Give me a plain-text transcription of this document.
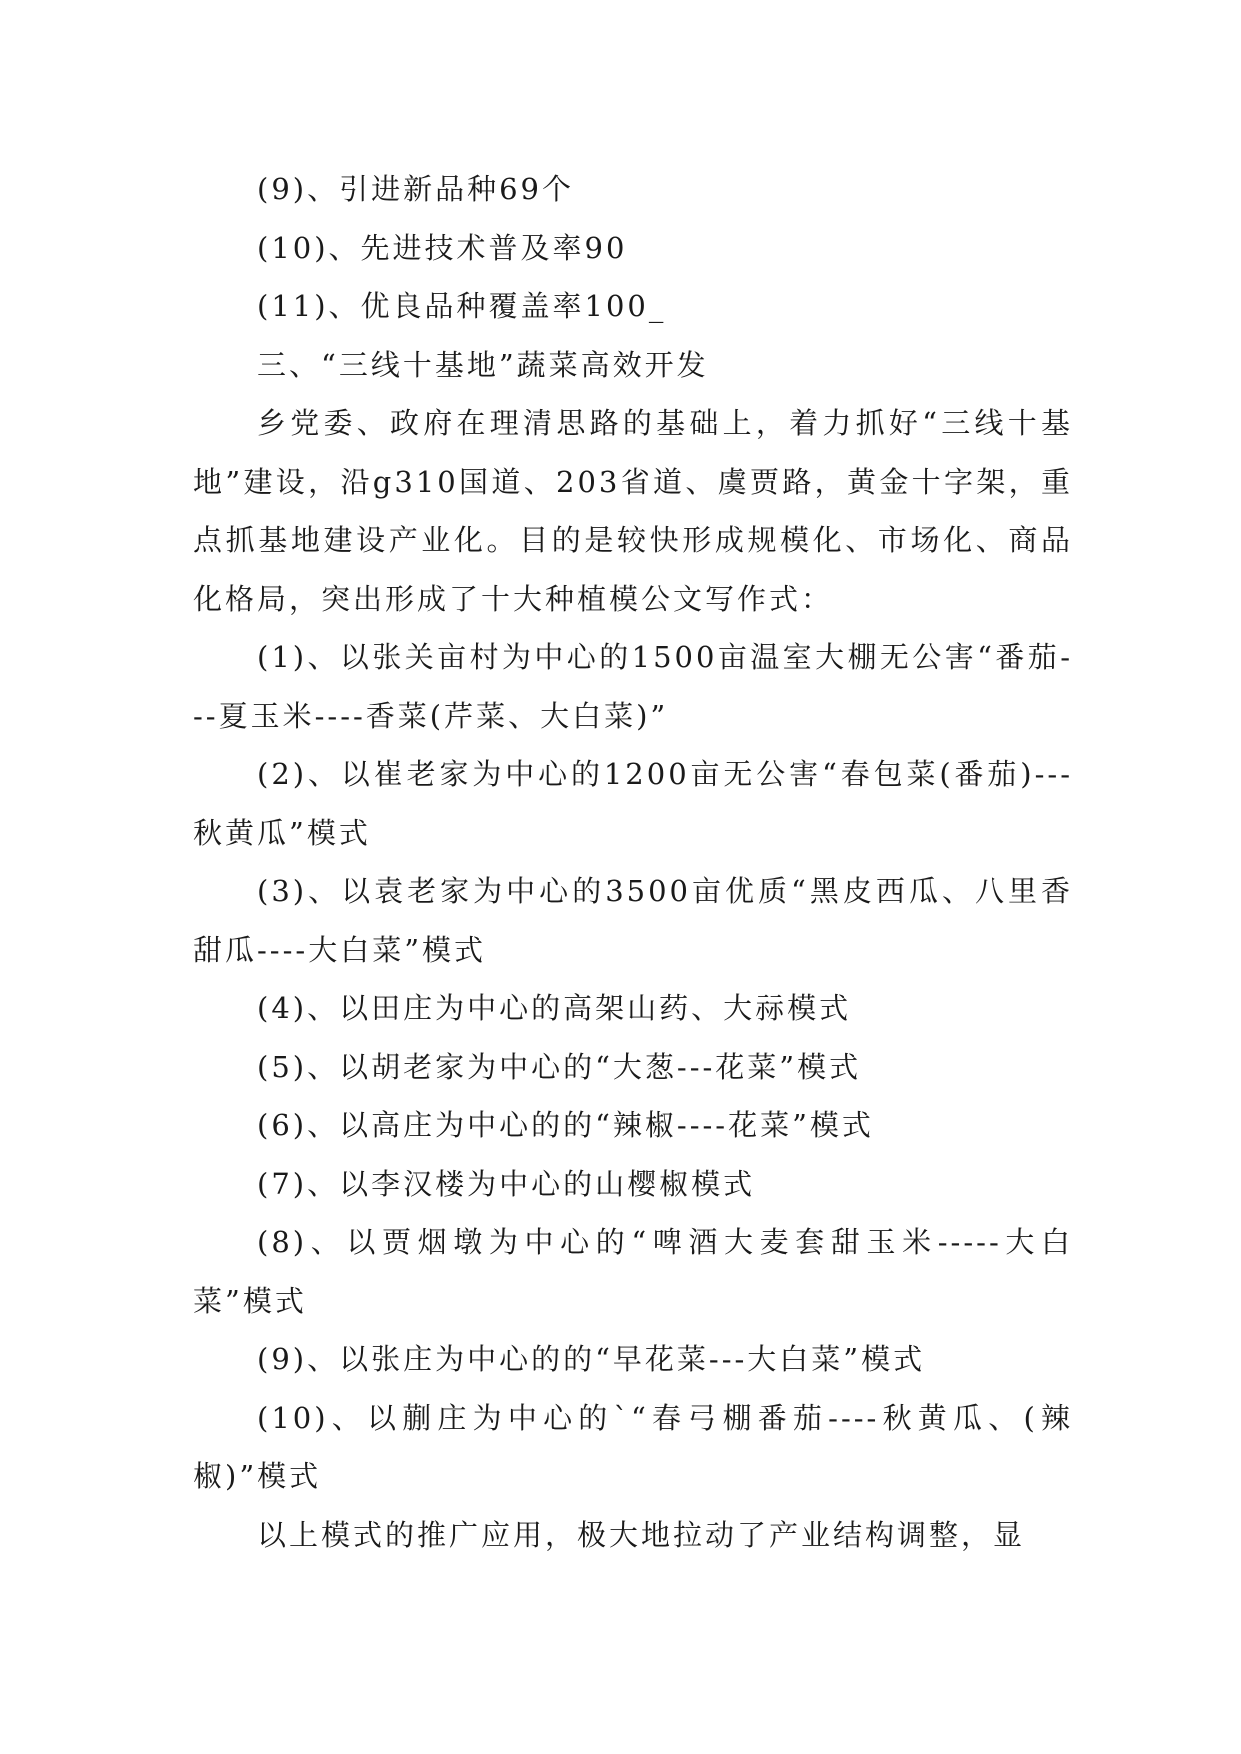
(9)、引进新品种69个

(10)、先进技术普及率90

(11)、优良品种覆盖率100_

三、“三线十基地”蔬菜高效开发

乡党委、政府在理清思路的基础上，着力抓好“三线十基地”建设，沿g310国道、203省道、虞贾路，黄金十字架，重点抓基地建设产业化。目的是较快形成规模化、市场化、商品化格局，突出形成了十大种植模公文写作式：

(1)、以张关亩村为中心的1500亩温室大棚无公害“番茄---夏玉米----香菜(芹菜、大白菜)”

(2)、以崔老家为中心的1200亩无公害“春包菜(番茄)---秋黄瓜”模式

(3)、以袁老家为中心的3500亩优质“黑皮西瓜、八里香甜瓜----大白菜”模式

(4)、以田庄为中心的高架山药、大祘模式

(5)、以胡老家为中心的“大葱---花菜”模式

(6)、以高庄为中心的的“辣椒----花菜”模式

(7)、以李汉楼为中心的山樱椒模式

(8)、以贾烟墩为中心的“啤酒大麦套甜玉米-----大白菜”模式

(9)、以张庄为中心的的“早花菜---大白菜”模式

(10)、以蒯庄为中心的`“春弓棚番茄----秋黄瓜、(辣椒)”模式

以上模式的推广应用，极大地拉动了产业结构调整，显
